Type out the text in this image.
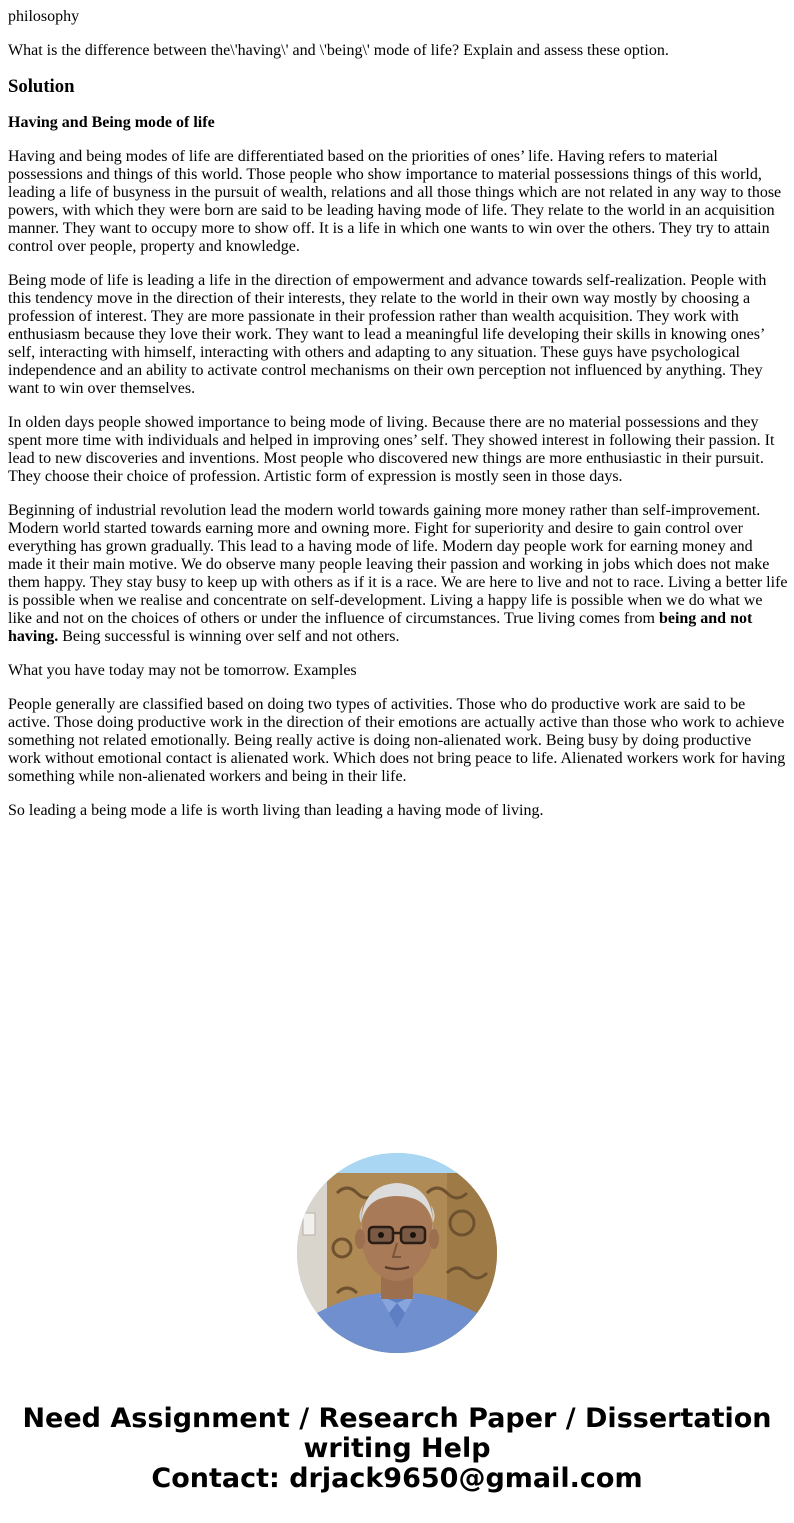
philosophy
What is the difference between the\'having\' and \'being\' mode of life? Explain and assess these option.
Solution
Having and Being mode of life

Having and being modes of life are differentiated based on the priorities of ones’ life. Having refers to material possessions and things of this world. Those people who show importance to material possessions things of this world, leading a life of busyness in the pursuit of wealth, relations and all those things which are not related in any way to those powers, with which they were born are said to be leading having mode of life. They relate to the world in an acquisition manner. They want to occupy more to show off. It is a life in which one wants to win over the others. They try to attain control over people, property and knowledge.

Being mode of life is leading a life in the direction of empowerment and advance towards self-realization. People with this tendency move in the direction of their interests, they relate to the world in their own way mostly by choosing a profession of interest. They are more passionate in their profession rather than wealth acquisition. They work with enthusiasm because they love their work. They want to lead a meaningful life developing their skills in knowing ones’ self, interacting with himself, interacting with others and adapting to any situation. These guys have psychological independence and an ability to activate control mechanisms on their own perception not influenced by anything. They want to win over themselves.

In olden days people showed importance to being mode of living. Because there are no material possessions and they spent more time with individuals and helped in improving ones’ self. They showed interest in following their passion. It lead to new discoveries and inventions. Most people who discovered new things are more enthusiastic in their pursuit. They choose their choice of profession. Artistic form of expression is mostly seen in those days.

Beginning of industrial revolution lead the modern world towards gaining more money rather than self-improvement. Modern world started towards earning more and owning more. Fight for superiority and desire to gain control over everything has grown gradually. This lead to a having mode of life. Modern day people work for earning money and made it their main motive. We do observe many people leaving their passion and working in jobs which does not make them happy. They stay busy to keep up with others as if it is a race. We are here to live and not to race. Living a better life is possible when we realise and concentrate on self-development. Living a happy life is possible when we do what we like and not on the choices of others or under the influence of circumstances. True living comes from being and not having. Being successful is winning over self and not others.

What you have today may not be tomorrow. Examples

People generally are classified based on doing two types of activities. Those who do productive work are said to be active. Those doing productive work in the direction of their emotions are actually active than those who work to achieve something not related emotionally. Being really active is doing non-alienated work. Being busy by doing productive work without emotional contact is alienated work. Which does not bring peace to life. Alienated workers work for having something while non-alienated workers and being in their life.

So leading a being mode a life is worth living than leading a having mode of living.

Need Assignment / Research Paper / Dissertation
writing Help
Contact: drjack9650@gmail.com
